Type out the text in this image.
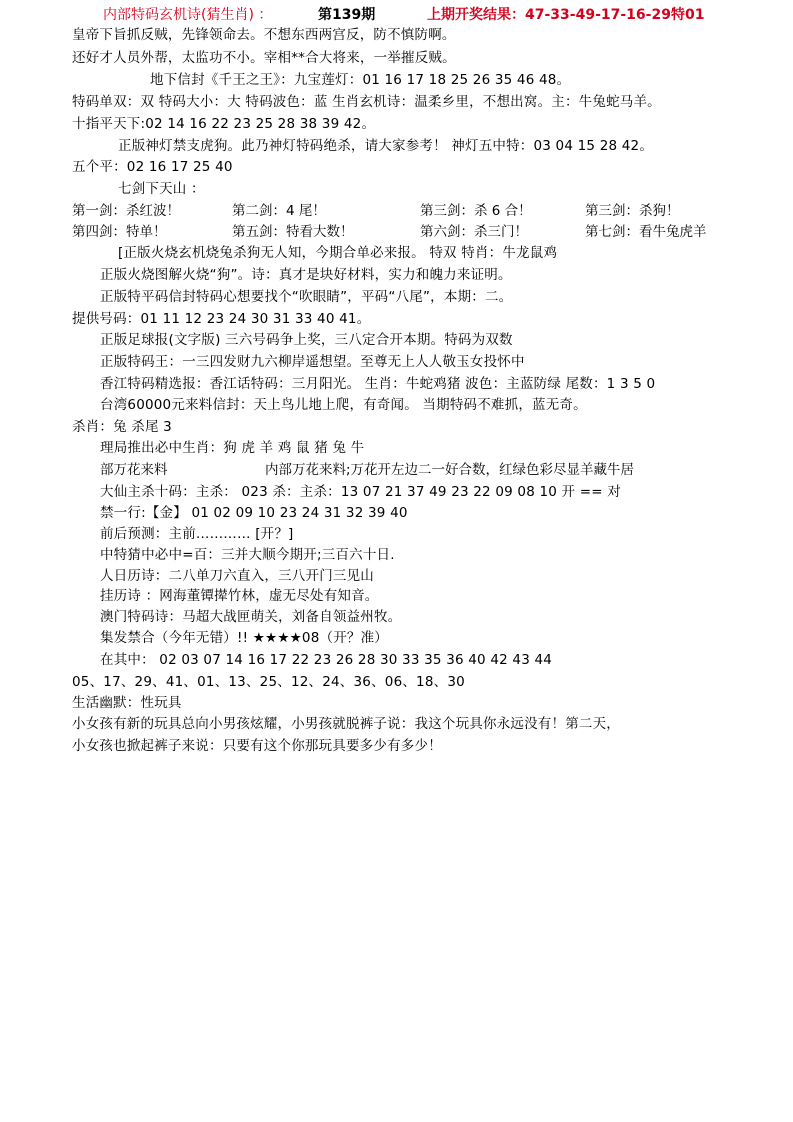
内部特码玄机诗(猜生肖) ：	第139期	上期开奖结果：47-33-49-17-16-29特01
皇帝下旨抓反贼，先锋领命去。不想东西两宫反，防不慎防啊。
还好才人员外帮，太监功不小。宰相**合大将来，一举摧反贼。
地下信封《千王之王》：九宝莲灯：01 16 17 18 25 26 35 46 48。
特码单双：双 特码大小：大 特码波色：蓝 生肖玄机诗：温柔乡里，不想出窝。主：牛兔蛇马羊。
十指平天下:02 14 16 22 23 25 28 38 39 42。
正版神灯禁支虎狗。此乃神灯特码绝杀，请大家参考！ 神灯五中特：03 04 15 28 42。
五个平：02 16 17 25 40
七剑下天山 ：
第一剑：杀红波！	第二剑：4 尾！	第三剑：杀 6 合！	第三剑：杀狗！
第四剑：特单！	第五剑：特看大数！	第六剑：杀三门！	第七剑：看牛兔虎羊
[正版火烧玄机烧兔杀狗无人知，今期合单必来报。 特双 特肖：牛龙鼠鸡
正版火烧图解火烧“狗”。诗：真才是块好材料，实力和魄力来证明。
正版特平码信封特码心想要找个“吹眼睛”，平码“八尾”，本期：二。
提供号码：01 11 12 23 24 30 31 33 40 41。
正版足球报(文字版) 三六号码争上奖，三八定合开本期。特码为双数
正版特码王：一三四发财九六柳岸遥想望。至尊无上人人敬玉女投怀中
香江特码精选报：香江话特码：三月阳光。 生肖：牛蛇鸡猪 波色：主蓝防绿 尾数：1 3 5 0
台湾60000元来料信封：天上鸟儿地上爬，有奇闻。 当期特码不难抓，蓝无奇。
杀肖：兔 杀尾 3
理局推出必中生肖：狗 虎 羊 鸡 鼠 猪 兔 牛
部万花来料	内部万花来料;万花开左边二一好合数，红绿色彩尽显羊藏牛居
大仙主杀十码：主杀： 023 杀：主杀：13 07 21 37 49 23 22 09 08 10 开 == 对
禁一行:【金】 01 02 09 10 23 24 31 32 39 40
前后预测：主前………… [开？]
中特猜中必中=百：三并大顺今期开;三百六十日.
人日历诗：二八单刀六直入，三八开门三见山
挂历诗 ：网海董镡撵竹林，虚无尽处有知音。
澳门特码诗：马超大战匣萌关，刘备自领益州牧。
集发禁合（今年无错）!! ★★★★08（开？准）
在其中： 02 03 07 14 16 17 22 23 26 28 30 33 35 36 40 42 43 44
05、17、29、41、01、13、25、12、24、36、06、18、30
生活幽默：性玩具
小女孩有新的玩具总向小男孩炫耀，小男孩就脱裤子说：我这个玩具你永远没有！第二天，
小女孩也掀起裤子来说：只要有这个你那玩具要多少有多少！
